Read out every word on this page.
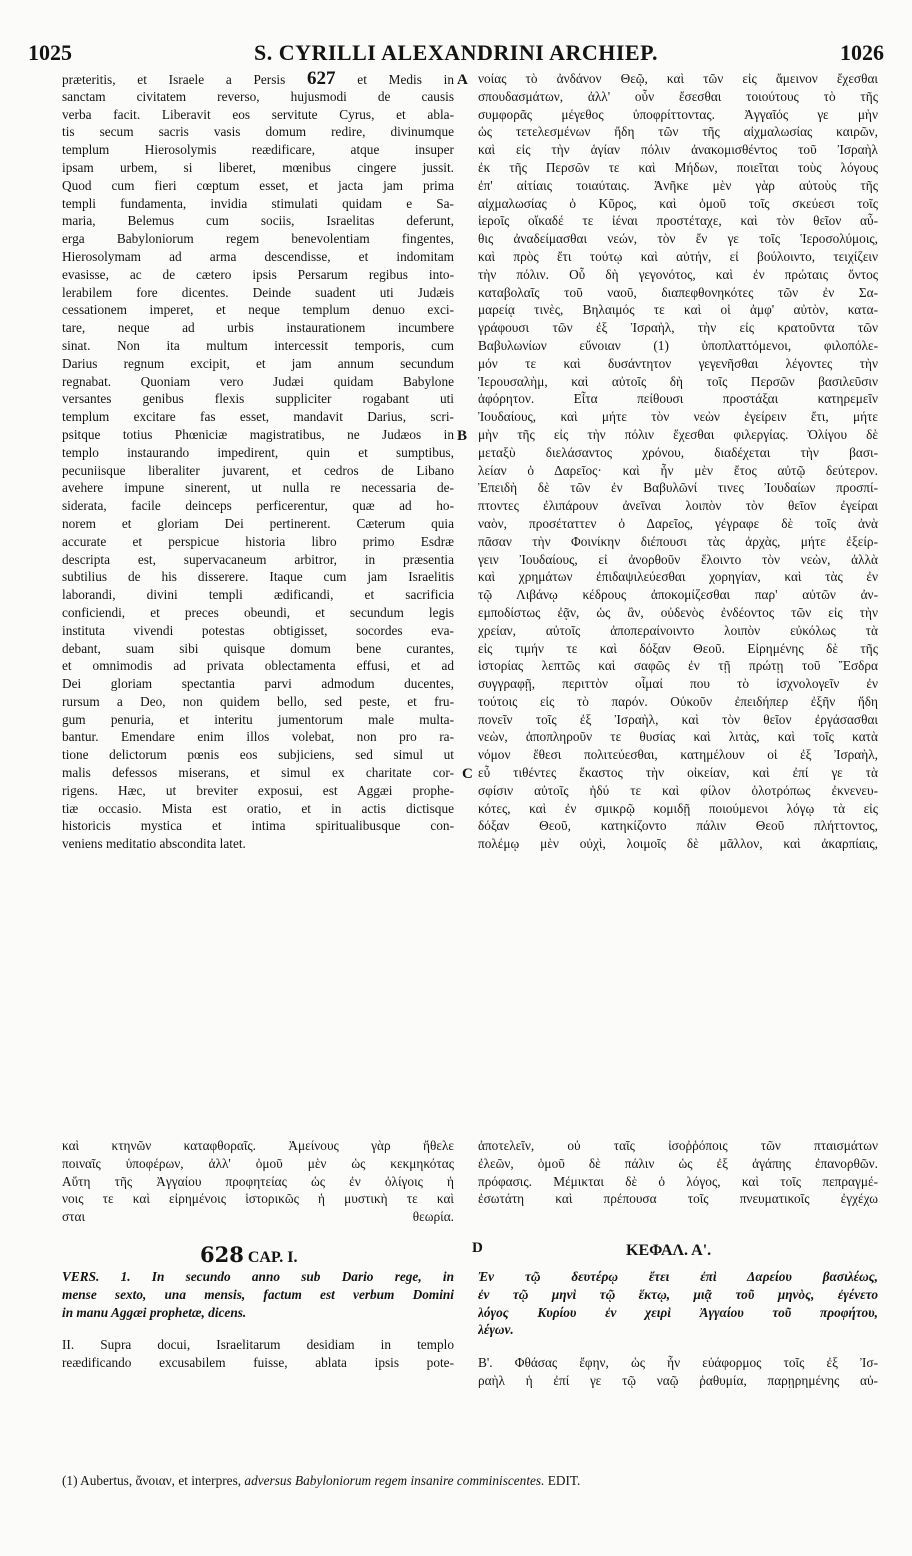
1025	S. CYRILLI ALEXANDRINI ARCHIEP.	1026
prӕteritis, et Israele a Persis 627 et Medis in
sanctam civitatem reverso, hujusmodi de causis
verba facit. Liberavit eos servitute Cyrus, et abla-
tis secum sacris vasis domum redire, divinumque
templum Hierosolymis reӕdificare, atque insuper
ipsam urbem, si liberet, mœnibus cingere jussit.
Quod cum fieri cœptum esset, et jacta jam prima
templi fundamenta, invidia stimulati quidam e Sa-
maria, Belemus cum sociis, Israelitas deferunt,
erga Babyloniorum regem benevolentiam fingentes,
Hierosolymam ad arma descendisse, et indomitam
evasisse, ac de cӕtero ipsis Persarum regibus into-
lerabilem fore dicentes. Deinde suadent uti Judӕis
cessationem imperet, et neque templum denuo exci-
tare, neque ad urbis instaurationem incumbere
sinat. Non ita multum intercessit temporis, cum
Darius regnum excipit, et jam annum secundum
regnabat. Quoniam vero Judӕi quidam Babylone
versantes genibus flexis suppliciter rogabant uti
templum excitare fas esset, mandavit Darius, scri-
psitque totius Phœniciӕ magistratibus, ne Judӕos in
templo instaurando impedirent, quin et sumptibus,
pecuniisque liberaliter juvarent, et cedros de Libano
avehere impune sinerent, ut nulla re necessaria de-
siderata, facile deinceps perficerentur, quӕ ad ho-
norem et gloriam Dei pertinerent. Cӕterum quia
accurate et perspicue historia libro primo Esdrӕ
descripta est, supervacaneum arbitror, in prӕsentia
subtilius de his disserere. Itaque cum jam Israelitis
laborandi, divini templi ӕdificandi, et sacrificia
conficiendi, et preces obeundi, et secundum legis
instituta vivendi potestas obtigisset, socordes eva-
debant, suam sibi quisque domum bene curantes,
et omnimodis ad privata oblectamenta effusi, et ad
Dei gloriam spectantia parvi admodum ducentes,
rursum a Deo, non quidem bello, sed peste, et fru-
gum penuria, et interitu jumentorum male multa-
bantur. Emendare enim illos volebat, non pro ra-
tione delictorum pœnis eos subjiciens, sed simul ut
malis defessos miserans, et simul ex charitate cor-
rigens. Hӕc, ut breviter exposui, est Aggӕi prophe-
tiӕ occasio. Mista est oratio, et in actis dictisque
historicis mystica et intima spiritualibusque con-
veniens meditatio abscondita latet.
νοίας τὸ ἀνδάνον Θεῷ, καὶ τῶν εἰς ἄμεινον ἔχεσθαι
σπουδασμάτων, ἀλλ' οὖν ἔσεσθαι τοιούτους τὸ τῆς
συμφορᾶς μέγεθος ὑποφρίττοντας. Ἀγγαῖός γε μὴν
ὡς τετελεσμένων ἤδη τῶν τῆς αἰχμαλωσίας καιρῶν,
καὶ εἰς τὴν ἁγίαν πόλιν ἀνακομισθέντος τοῦ Ἰσραὴλ
ἐκ τῆς Περσῶν τε καὶ Μήδων, ποιεῖται τοὺς λόγους
ἐπ' αἰτίαις τοιαύταις. Ἀνῆκε μὲν γὰρ αὐτοὺς τῆς
αἰχμαλωσίας ὁ Κῦρος, καὶ ὁμοῦ τοῖς σκεύεσι τοῖς
ἱεροῖς οἴκαδέ τε ἰέναι προστέταχε, καὶ τὸν θεῖον αὖ-
θις ἀναδείμασθαι νεών, τὸν ἔν γε τοῖς Ἱεροσολύμοις,
καὶ πρὸς ἔτι τούτῳ καὶ αὐτήν, εἰ βούλοιντο, τειχίζειν
τὴν πόλιν. Οὗ δὴ γεγονότος, καὶ ἐν πρώταις ὄντος
καταβολαῖς τοῦ ναοῦ, διαπεφθονηκότες τῶν ἐν Σα-
μαρείᾳ τινὲς, Βηλαιμός τε καὶ οἱ ἀμφ' αὐτὸν, κατα-
γράφουσι τῶν ἐξ Ἰσραὴλ, τὴν εἰς κρατοῦντα τῶν
Βαβυλωνίων εὔνοιαν (1) ὑποπλαττόμενοι, φιλοπόλε-
μόν τε καὶ δυσάντητον γεγενῆσθαι λέγοντες τὴν
Ἱερουσαλὴμ, καὶ αὐτοῖς δὴ τοῖς Περσῶν βασιλεῦσιν
ἀφόρητον. Εἶτα πείθουσι προστάξαι κατηρεμεῖν
Ἰουδαίους, καὶ μήτε τὸν νεὼν ἐγείρειν ἔτι, μήτε
μὴν τῆς εἰς τὴν πόλιν ἔχεσθαι φιλεργίας. Ὀλίγου δὲ
μεταξὺ διελάσαντος χρόνου, διαδέχεται τὴν βασι-
λείαν ὁ Δαρεῖος· καὶ ἦν μὲν ἔτος αὐτῷ δεύτερον.
Ἐπειδὴ δὲ τῶν ἐν Βαβυλῶνί τινες Ἰουδαίων προσπί-
πτοντες ἐλιπάρουν ἀνεῖναι λοιπὸν τὸν θεῖον ἐγείραι
ναὸν, προσέταττεν ὁ Δαρεῖος, γέγραφε δὲ τοῖς ἀνὰ
πᾶσαν τὴν Φοινίκην διέπουσι τὰς ἀρχὰς, μήτε ἐξείρ-
γειν Ἰουδαίους, εἰ ἀνορθοῦν ἕλοιντο τὸν νεὼν, ἀλλὰ
καὶ χρημάτων ἐπιδαψιλεύεσθαι χορηγίαν, καὶ τὰς ἐν
τῷ Λιβάνῳ κέδρους ἀποκομίζεσθαι παρ' αὐτῶν ἀν-
εμποδίστως ἐᾷν, ὡς ἂν, οὐδενὸς ἐνδέοντος τῶν εἰς τὴν
χρείαν, αὐτοῖς ἀποπεραίνοιντο λοιπὸν εὐκόλως τὰ
εἰς τιμήν τε καὶ δόξαν Θεοῦ. Εἰρημένης δὲ τῆς
ἱστορίας λεπτῶς καὶ σαφῶς ἐν τῇ πρώτῃ τοῦ Ἔσδρα
συγγραφῇ, περιττὸν οἶμαί που τὸ ἰσχνολογεῖν ἐν
τούτοις εἰς τὸ παρόν. Οὐκοῦν ἐπειδήπερ ἐξῆν ἤδη
πονεῖν τοῖς ἐξ Ἰσραὴλ, καὶ τὸν θεῖον ἐργάσασθαι
νεὼν, ἀποπληροῦν τε θυσίας καὶ λιτὰς, καὶ τοῖς κατὰ
νόμον ἔθεσι πολιτεύεσθαι, κατημέλουν οἱ ἐξ Ἰσραὴλ,
εὖ τιθέντες ἕκαστος τὴν οἰκείαν, καὶ ἐπί γε τὰ
σφίσιν αὐτοῖς ἡδύ τε καὶ φίλον ὁλοτρόπως ἐκνενευ-
κότες, καὶ ἐν σμικρῷ κομιδῇ ποιούμενοι λόγῳ τὰ εἰς
δόξαν Θεοῦ, κατηκίζοντο πάλιν Θεοῦ πλήττοντος,
πολέμῳ μὲν οὐχὶ, λοιμοῖς δὲ μᾶλλον, καὶ ἀκαρπίαις,
A
B
C
D
καὶ κτηνῶν καταφθοραῖς. Ἀμείνους γὰρ ἤθελε ἀποτελεῖν, οὐ ταῖς ἰσοῤῥόποις τῶν πταισμάτων
ποιναῖς ὑποφέρων, ἀλλ' ὁμοῦ μὲν ὡς κεκμηκότας ἐλεῶν, ὁμοῦ δὲ πάλιν ὡς ἐξ ἀγάπης ἐπανορθῶν.
Αὕτη τῆς Ἀγγαίου προφητείας ὡς ἐν ὀλίγοις ἡ πρόφασις. Μέμικται δὲ ὁ λόγος, καὶ τοῖς πεπραγμέ-
νοις τε καὶ εἰρημένοις ἱστορικῶς ἡ μυστικὴ τε καὶ ἐσωτάτη καὶ πρέπουσα τοῖς πνευματικοῖς ἐγχέχω
σται θεωρία.
628 CAP. I.	ΚΕΦΑΛ. Α'.
VERS. 1. In secundo anno sub Dario rege, in
mense sexto, una mensis, factum est verbum Domini
in manu Aggӕi prophetӕ, dicens.
Ἐν τῷ δευτέρῳ ἔτει ἐπὶ Δαρείου βασιλέως,
ἐν τῷ μηνὶ τῷ ἕκτῳ, μιᾷ τοῦ μηνὸς, ἐγένετο
λόγος Κυρίου ἐν χειρὶ Ἀγγαίου τοῦ προφήτου,
λέγων.
II. Supra docui, Israelitarum desidiam in templo
reӕdificando excusabilem fuisse, ablata ipsis pote- Β'. Φθάσας ἔφην, ὡς ἦν εὐάφορμος τοῖς ἐξ Ἰσ-
ραὴλ ἡ ἐπί γε τῷ ναῷ ῥαθυμία, παρῃρημένης αὐ-
(1) Aubertus, ἄνοιαν, et interpres, adversus Babyloniorum regem insanire comminiscentes. EDIT.
